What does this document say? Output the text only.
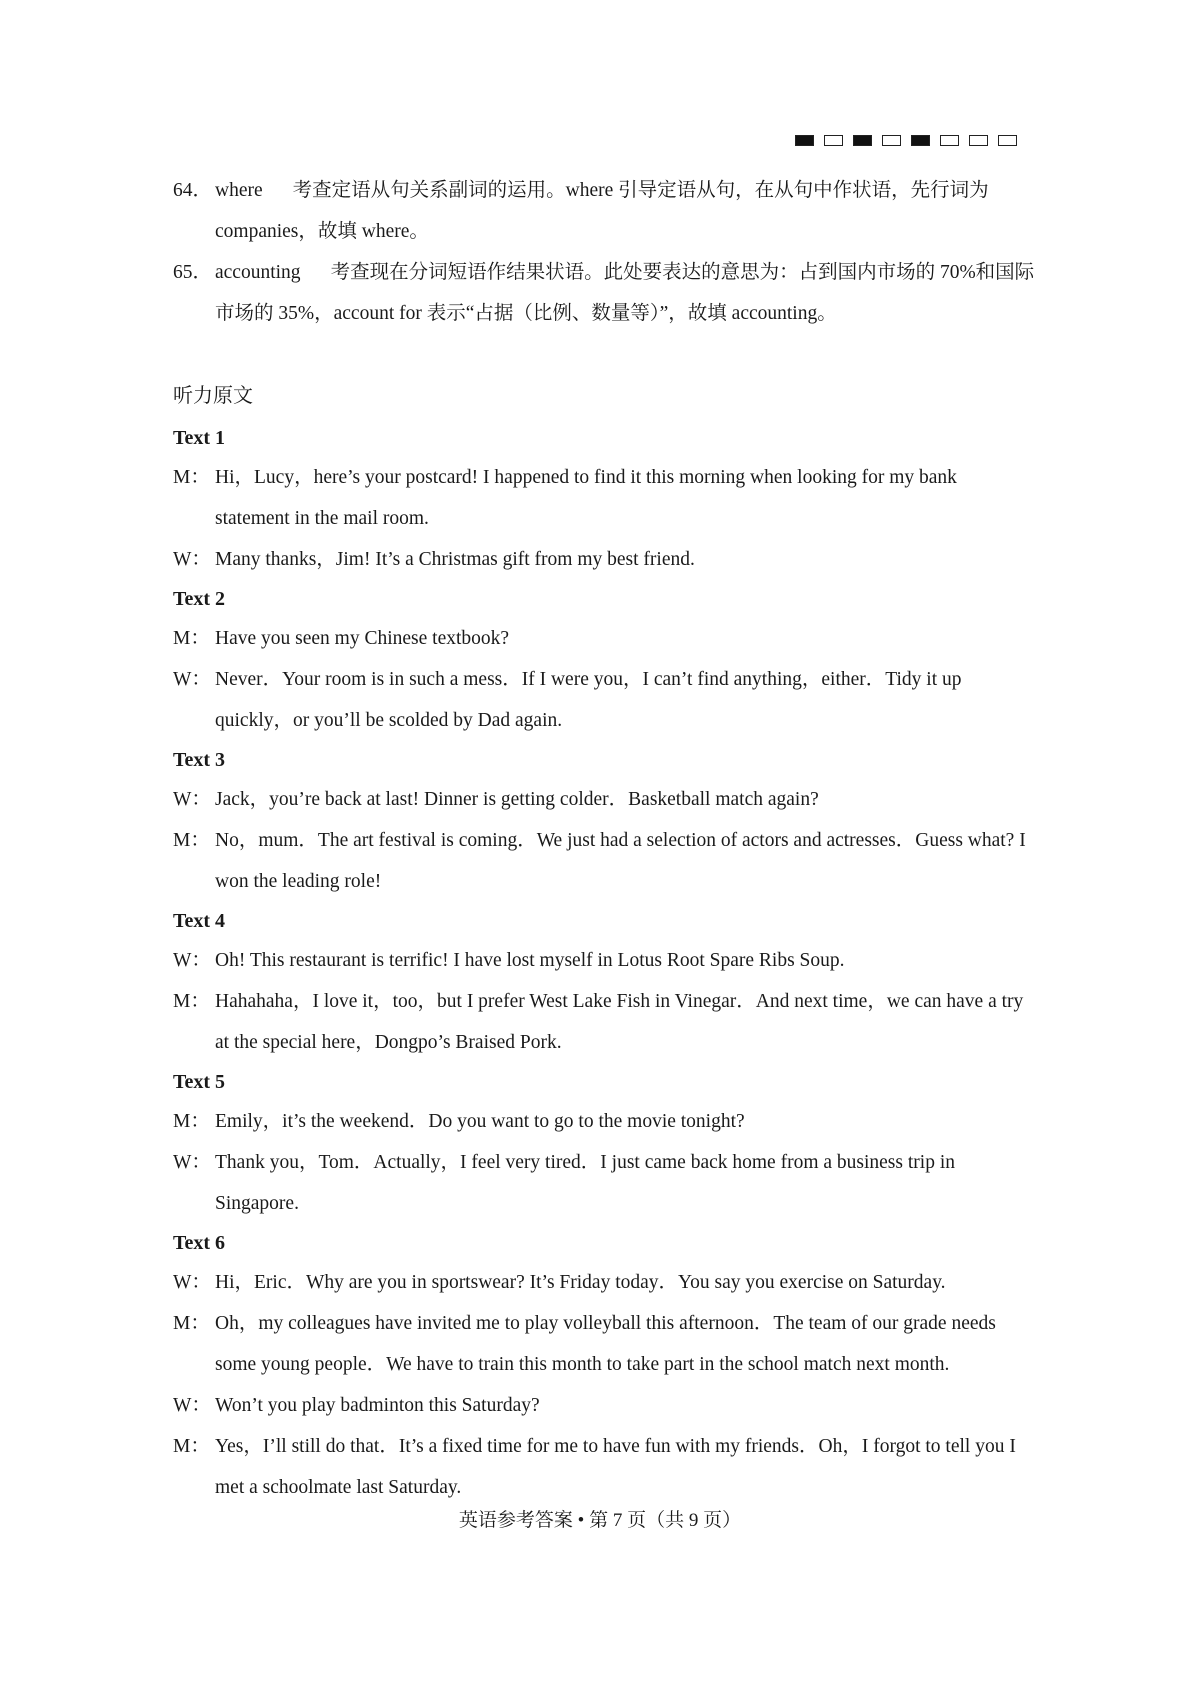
64． where 考查定语从句关系副词的运用。where 引导定语从句，在从句中作状语，先行词为 companies，故填 where。
65． accounting 考查现在分词短语作结果状语。此处要表达的意思为：占到国内市场的 70%和国际市场的 35%，account for 表示“占据（比例、数量等）”，故填 accounting。
听力原文
Text 1
M： Hi，Lucy，here’s your postcard! I happened to find it this morning when looking for my bank statement in the mail room.
W： Many thanks，Jim! It’s a Christmas gift from my best friend.
Text 2
M： Have you seen my Chinese textbook?
W： Never．Your room is in such a mess．If I were you，I can’t find anything，either．Tidy it up quickly，or you’ll be scolded by Dad again.
Text 3
W： Jack，you’re back at last! Dinner is getting colder．Basketball match again?
M： No，mum．The art festival is coming．We just had a selection of actors and actresses．Guess what? I won the leading role!
Text 4
W： Oh! This restaurant is terrific! I have lost myself in Lotus Root Spare Ribs Soup.
M： Hahahaha，I love it，too，but I prefer West Lake Fish in Vinegar．And next time，we can have a try at the special here，Dongpo’s Braised Pork.
Text 5
M： Emily，it’s the weekend．Do you want to go to the movie tonight?
W： Thank you，Tom．Actually，I feel very tired．I just came back home from a business trip in Singapore.
Text 6
W： Hi，Eric．Why are you in sportswear? It’s Friday today．You say you exercise on Saturday.
M： Oh，my colleagues have invited me to play volleyball this afternoon．The team of our grade needs some young people．We have to train this month to take part in the school match next month.
W： Won’t you play badminton this Saturday?
M： Yes，I’ll still do that．It’s a fixed time for me to have fun with my friends．Oh，I forgot to tell you I met a schoolmate last Saturday.
英语参考答案 • 第 7 页（共 9 页）
